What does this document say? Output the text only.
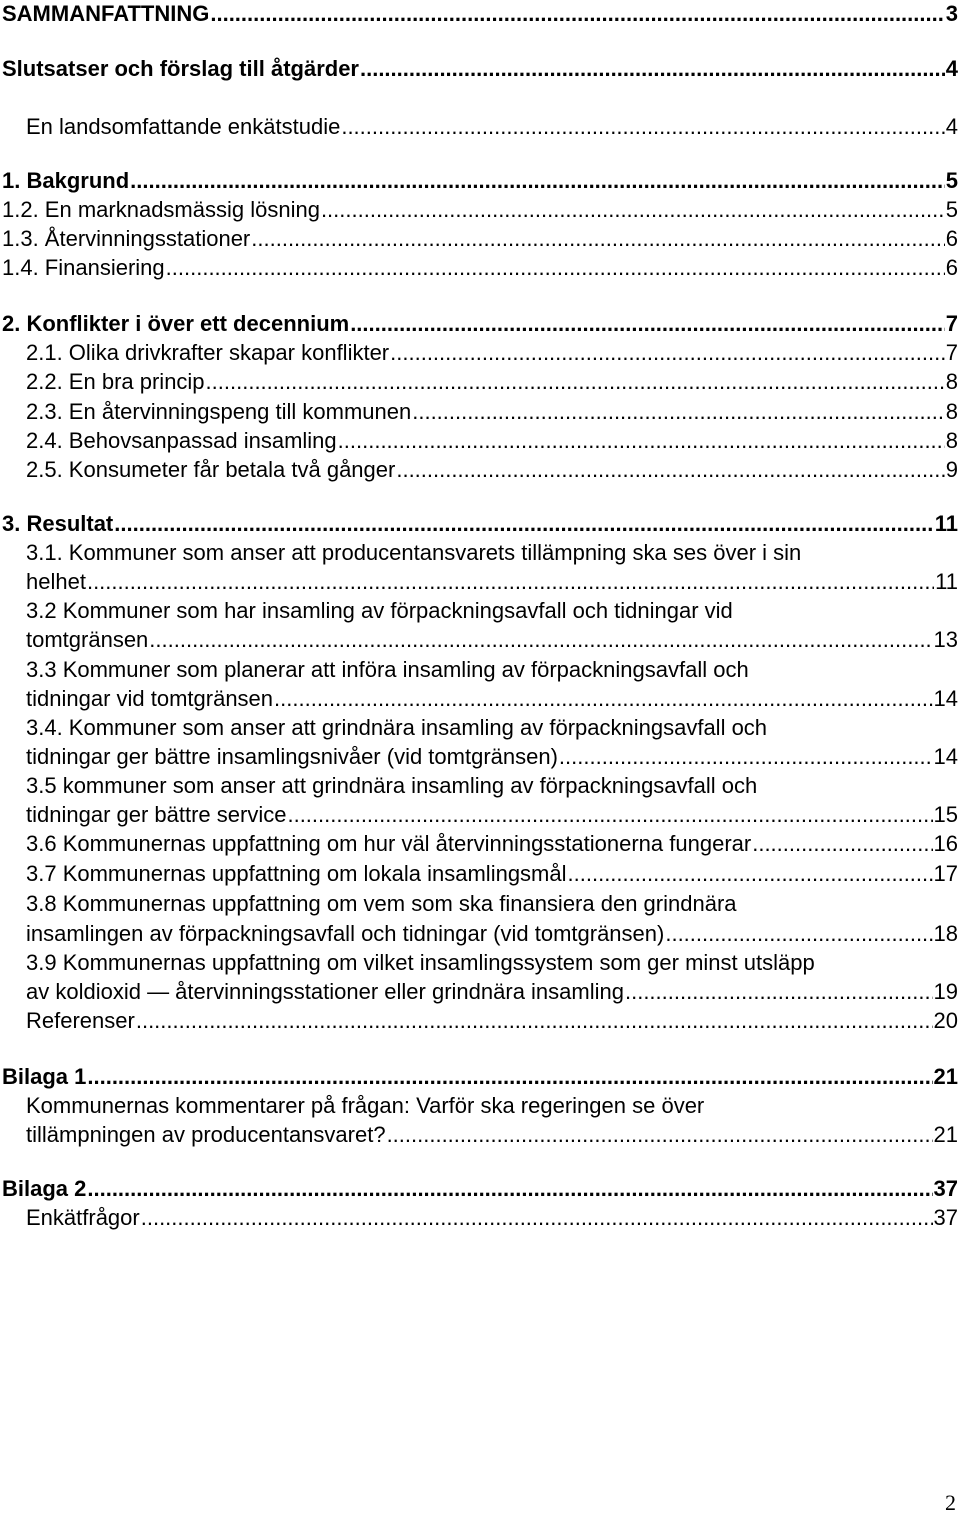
SAMMANFATTNING .....	3
Slutsatser och förslag till åtgärder .....	4
En landsomfattande enkätstudie .....	4
1. Bakgrund .....	5
1.2. En marknadsmässig lösning .....	5
1.3. Återvinningsstationer .....	6
1.4. Finansiering .....	6
2. Konflikter i över ett decennium .....	7
2.1. Olika drivkrafter skapar konflikter .....	7
2.2. En bra princip .....	8
2.3. En återvinningspeng till kommunen .....	8
2.4. Behovsanpassad insamling .....	8
2.5. Konsumeter får betala två gånger .....	9
3. Resultat .....	11
3.1. Kommuner som anser att producentansvarets tillämpning ska ses över i sin
helhet .....	11
3.2 Kommuner som har insamling av förpackningsavfall och tidningar vid
tomtgränsen .....	13
3.3 Kommuner som planerar att införa insamling av förpackningsavfall och
tidningar vid tomtgränsen .....	14
3.4. Kommuner som anser att grindnära insamling av förpackningsavfall och
tidningar ger bättre insamlingsnivåer (vid tomtgränsen) .....	14
3.5 kommuner som anser att grindnära insamling av förpackningsavfall och
tidningar ger bättre service .....	15
3.6 Kommunernas uppfattning om hur väl återvinningsstationerna fungerar .....	16
3.7 Kommunernas uppfattning om lokala insamlingsmål .....	17
3.8 Kommunernas uppfattning om vem som ska finansiera den grindnära
insamlingen av förpackningsavfall och tidningar (vid tomtgränsen) .....	18
3.9 Kommunernas uppfattning om vilket insamlingssystem som ger minst utsläpp
av koldioxid — återvinningsstationer eller grindnära insamling .....	19
Referenser .....	20
Bilaga 1 .....	21
Kommunernas kommentarer på frågan: Varför ska regeringen se över
tillämpningen av producentansvaret? .....	21
Bilaga 2 .....	37
Enkätfrågor .....	37
2
